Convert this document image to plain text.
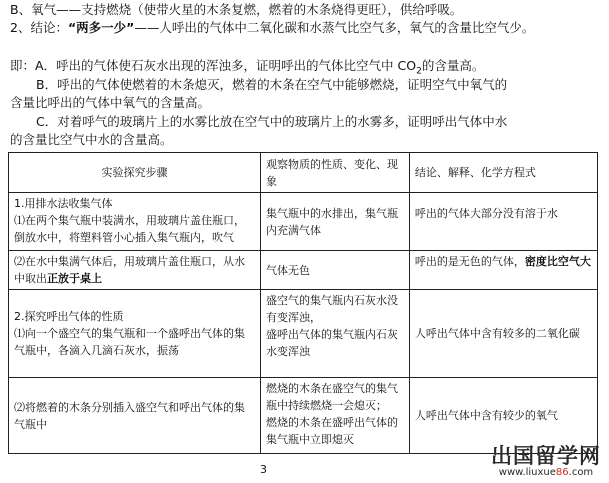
B、氧气——支持燃烧（使带火星的木条复燃，燃着的木条烧得更旺），供给呼吸。
2、结论：“两多一少”——人呼出的气体中二氧化碳和水蒸气比空气多，氧气的含量比空气少。
即：A．呼出的气体使石灰水出现的浑浊多，证明呼出的气体比空气中 $CO_2$的含量高。
B．呼出的气体使燃着的木条熄灭，燃着的木条在空气中能够燃烧，证明空气中氧气的
含量比呼出的气体中氧气的含量高。
C．对着呼气的玻璃片上的水雾比放在空气中的玻璃片上的水雾多，证明呼出气体中水
的含量比空气中水的含量高。
实验探究步骤	观察物质的性质、变化、现象	结论、解释、化学方程式

1.用排水法收集气体
⑴在两个集气瓶中装满水，用玻璃片盖住瓶口，倒放水中，将塑料管小心插入集气瓶内，吹气	集气瓶中的水排出，集气瓶内充满气体	呼出的气体大部分没有溶于水

⑵在水中集满气体后，用玻璃片盖住瓶口，从水中取出正放于桌上	气体无色	呼出的是无色的气体，密度比空气大

2.探究呼出气体的性质
⑴向一个盛空气的集气瓶和一个盛呼出气体的集气瓶中，各滴入几滴石灰水，振荡	盛空气的集气瓶内石灰水没有变浑浊，
盛呼出气体的集气瓶内石灰水变浑浊	人呼出气体中含有较多的二氧化碳

⑵将燃着的木条分别插入盛空气和呼出气体的集气瓶中	燃烧的木条在盛空气的集气瓶中持续燃烧一会熄灭；
燃烧的木条在盛呼出气体的集气瓶中立即熄灭	人呼出气体中含有较少的氧气
3
出国留学网
www.liuxue86.com
